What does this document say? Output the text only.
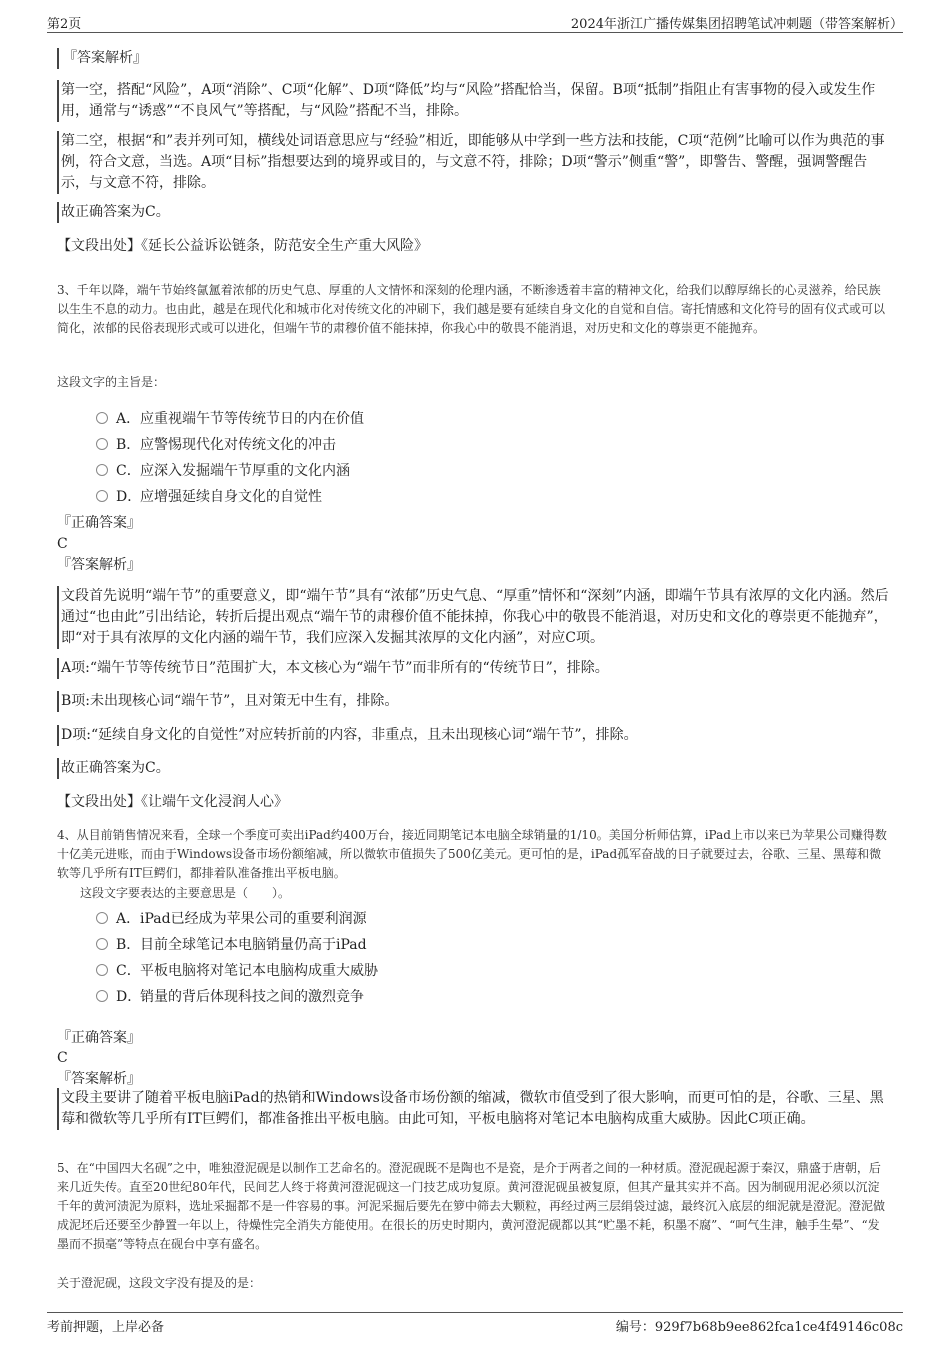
第2页	2024年浙江广播传媒集团招聘笔试冲刺题（带答案解析）
『答案解析』
第一空，搭配“风险”，A项“消除”、C项“化解”、D项“降低”均与“风险”搭配恰当，保留。B项“抵制”指阻止有害事物的侵入或发生作用，通常与“诱惑”“不良风气”等搭配，与“风险”搭配不当，排除。
第二空，根据“和”表并列可知，横线处词语意思应与“经验”相近，即能够从中学到一些方法和技能，C项“范例”比喻可以作为典范的事例，符合文意，当选。A项“目标”指想要达到的境界或目的，与文意不符，排除；D项“警示”侧重“警”，即警告、警醒，强调警醒告示，与文意不符，排除。
故正确答案为C。
【文段出处】《延长公益诉讼链条，防范安全生产重大风险》
3、千年以降，端午节始终氤氲着浓郁的历史气息、厚重的人文情怀和深刻的伦理内涵，不断渗透着丰富的精神文化，给我们以醇厚绵长的心灵滋养，给民族以生生不息的动力。也由此，越是在现代化和城市化对传统文化的冲刷下，我们越是要有延续自身文化的自觉和自信。寄托情感和文化符号的固有仪式或可以简化，浓郁的民俗表现形式或可以进化，但端午节的肃穆价值不能抹掉，你我心中的敬畏不能消退，对历史和文化的尊崇更不能抛弃。
这段文字的主旨是：
A．应重视端午节等传统节日的内在价值
B．应警惕现代化对传统文化的冲击
C．应深入发掘端午节厚重的文化内涵
D．应增强延续自身文化的自觉性
『正确答案』
C
『答案解析』
文段首先说明“端午节”的重要意义，即“端午节”具有“浓郁”历史气息、“厚重”情怀和“深刻”内涵，即端午节具有浓厚的文化内涵。然后通过“也由此”引出结论，转折后提出观点“端午节的肃穆价值不能抹掉，你我心中的敬畏不能消退，对历史和文化的尊崇更不能抛弃”，即“对于具有浓厚的文化内涵的端午节，我们应深入发掘其浓厚的文化内涵”，对应C项。
A项:“端午节等传统节日”范围扩大，本文核心为“端午节”而非所有的“传统节日”，排除。
B项:未出现核心词“端午节”，且对策无中生有，排除。
D项:“延续自身文化的自觉性”对应转折前的内容，非重点，且未出现核心词“端午节”，排除。
故正确答案为C。
【文段出处】《让端午文化浸润人心》
4、从目前销售情况来看，全球一个季度可卖出iPad约400万台，接近同期笔记本电脑全球销量的1/10。美国分析师估算，iPad上市以来已为苹果公司赚得数十亿美元进账，而由于Windows设备市场份额缩减，所以微软市值损失了500亿美元。更可怕的是，iPad孤军奋战的日子就要过去，谷歌、三星、黑莓和微软等几乎所有IT巨鳄们，都排着队准备推出平板电脑。
这段文字要表达的主要意思是（　　）。
A．iPad已经成为苹果公司的重要利润源
B．目前全球笔记本电脑销量仍高于iPad
C．平板电脑将对笔记本电脑构成重大威胁
D．销量的背后体现科技之间的激烈竞争
『正确答案』
C
『答案解析』
文段主要讲了随着平板电脑iPad的热销和Windows设备市场份额的缩减，微软市值受到了很大影响，而更可怕的是，谷歌、三星、黑莓和微软等几乎所有IT巨鳄们，都准备推出平板电脑。由此可知，平板电脑将对笔记本电脑构成重大威胁。因此C项正确。
5、在“中国四大名砚”之中，唯独澄泥砚是以制作工艺命名的。澄泥砚既不是陶也不是瓷，是介于两者之间的一种材质。澄泥砚起源于秦汉，鼎盛于唐朝，后来几近失传。直至20世纪80年代，民间艺人终于将黄河澄泥砚这一门技艺成功复原。黄河澄泥砚虽被复原，但其产量其实并不高。因为制砚用泥必须以沉淀千年的黄河渍泥为原料，选址采掘都不是一件容易的事。河泥采掘后要先在箩中筛去大颗粒，再经过两三层绢袋过滤，最终沉入底层的细泥就是澄泥。澄泥做成泥坯后还要至少静置一年以上，待燥性完全消失方能使用。在很长的历史时期内，黄河澄泥砚都以其“贮墨不耗，积墨不腐”、“呵气生津，触手生晕”、“发墨而不损毫”等特点在砚台中享有盛名。
关于澄泥砚，这段文字没有提及的是：
考前押题，上岸必备	编号：929f7b68b9ee862fca1ce4f49146c08c
